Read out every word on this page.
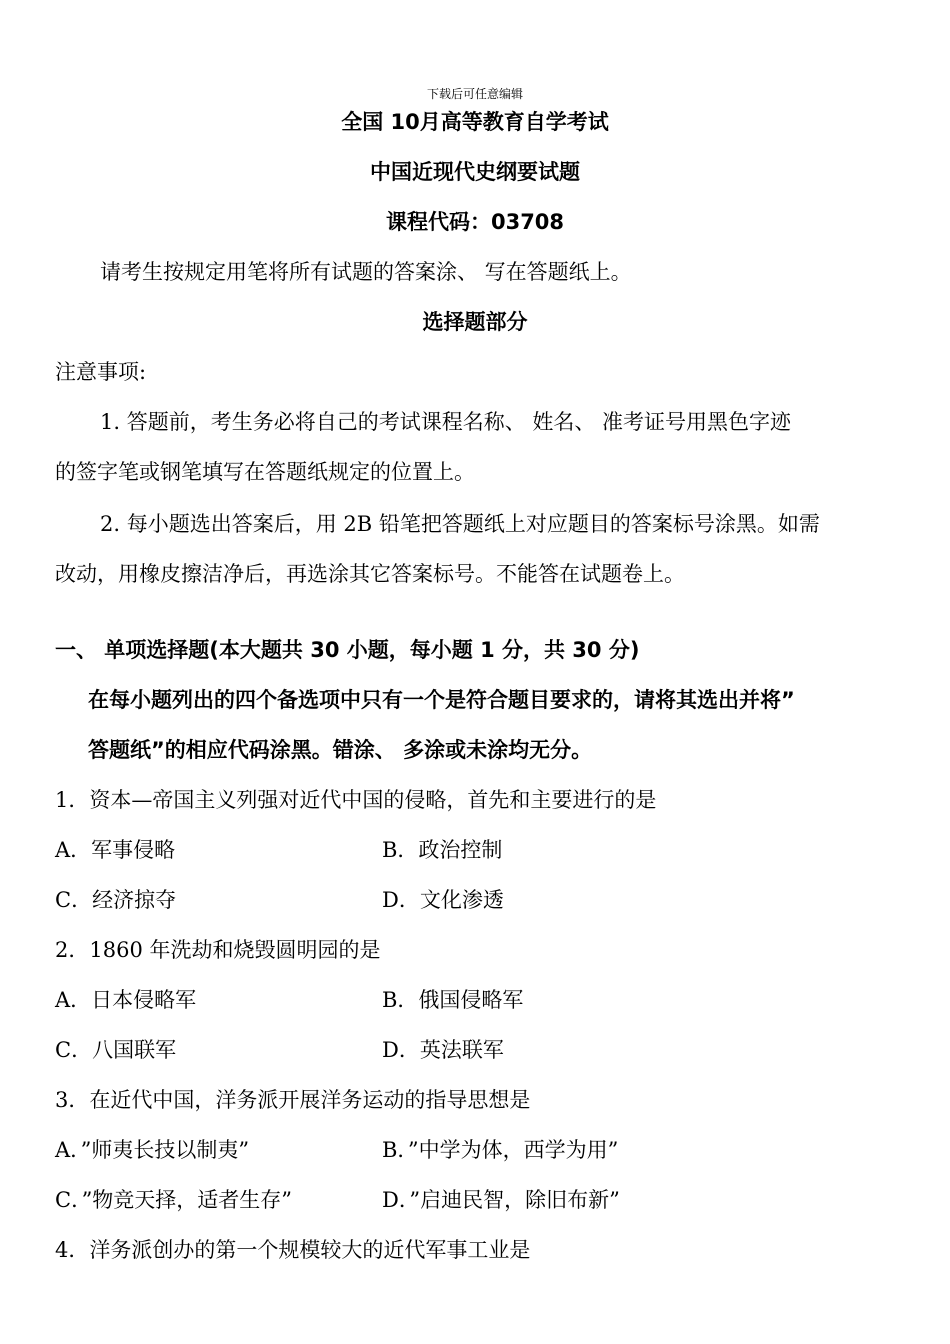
下载后可任意编辑
全国 10月高等教育自学考试
中国近现代史纲要试题
课程代码：03708
请考生按规定用笔将所有试题的答案涂、 写在答题纸上。
选择题部分
注意事项:
1. 答题前，考生务必将自己的考试课程名称、 姓名、 准考证号用黑色字迹
的签字笔或钢笔填写在答题纸规定的位置上。
2. 每小题选出答案后，用 2B 铅笔把答题纸上对应题目的答案标号涂黑。如需
改动，用橡皮擦洁净后，再选涂其它答案标号。不能答在试题卷上。
一、 单项选择题(本大题共 30 小题，每小题 1 分，共 30 分)
在每小题列出的四个备选项中只有一个是符合题目要求的，请将其选出并将”
答题纸”的相应代码涂黑。错涂、 多涂或未涂均无分。
1．资本—帝国主义列强对近代中国的侵略，首先和主要进行的是
A．军事侵略	B．政治控制
C．经济掠夺	D．文化渗透
2．1860 年洗劫和烧毁圆明园的是
A．日本侵略军	B．俄国侵略军
C．八国联军	D．英法联军
3．在近代中国，洋务派开展洋务运动的指导思想是
A．”师夷长技以制夷”	B．”中学为体，西学为用”
C．”物竞天择，适者生存”	D．”启迪民智，除旧布新”
4．洋务派创办的第一个规模较大的近代军事工业是
